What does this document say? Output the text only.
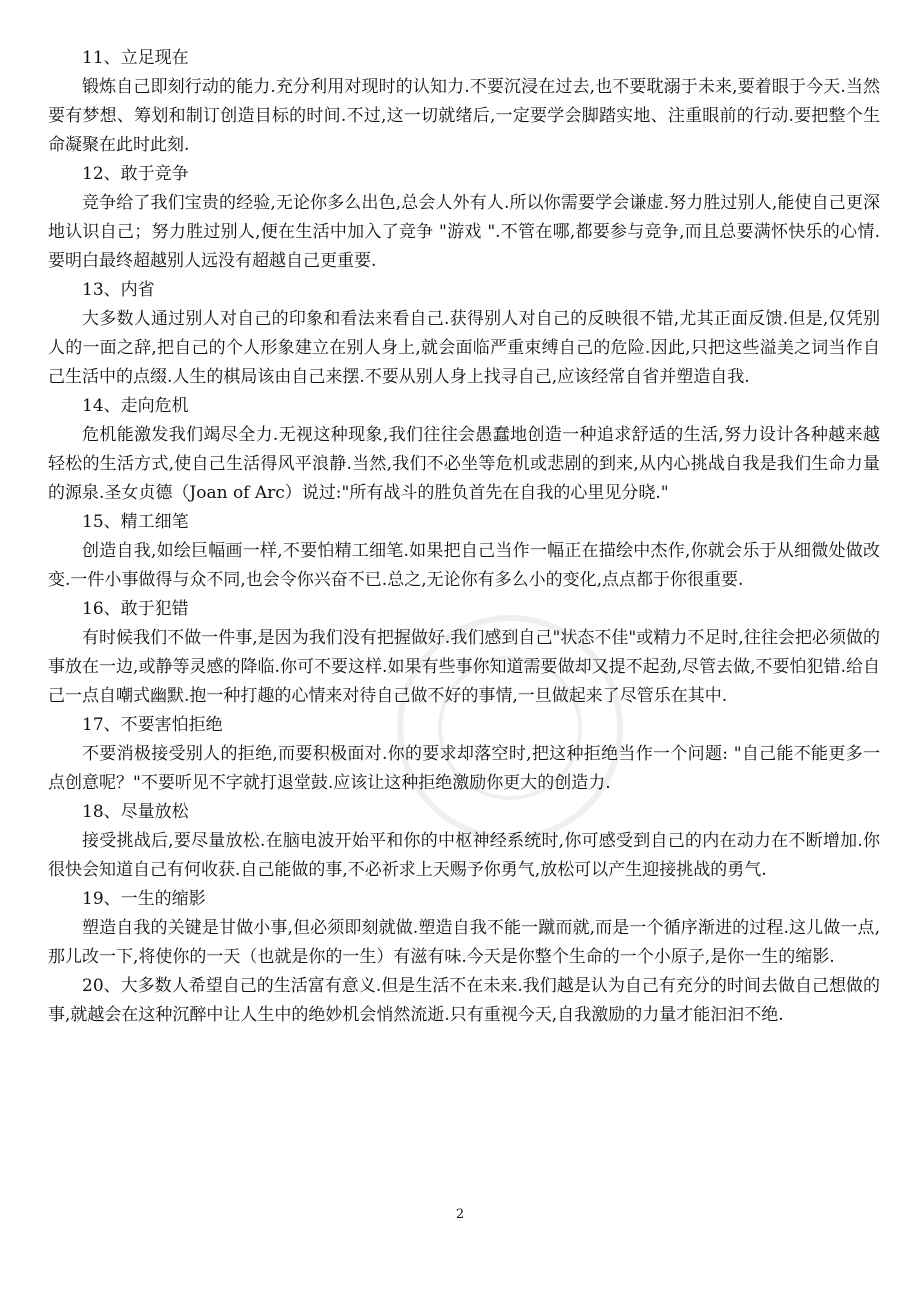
11、立足现在

锻炼自己即刻行动的能力.充分利用对现时的认知力.不要沉浸在过去,也不要耽溺于未来,要着眼于今天.当然要有梦想、筹划和制订创造目标的时间.不过,这一切就绪后,一定要学会脚踏实地、注重眼前的行动.要把整个生命凝聚在此时此刻.

12、敢于竞争

竞争给了我们宝贵的经验,无论你多么出色,总会人外有人.所以你需要学会谦虚.努力胜过别人,能使自己更深地认识自己；努力胜过别人,便在生活中加入了竞争 "游戏 ".不管在哪,都要参与竞争,而且总要满怀快乐的心情.要明白最终超越别人远没有超越自己更重要.

13、内省

大多数人通过别人对自己的印象和看法来看自己.获得别人对自己的反映很不错,尤其正面反馈.但是,仅凭别人的一面之辞,把自己的个人形象建立在别人身上,就会面临严重束缚自己的危险.因此,只把这些溢美之词当作自己生活中的点缀.人生的棋局该由自己来摆.不要从别人身上找寻自己,应该经常自省并塑造自我.

14、走向危机

危机能激发我们竭尽全力.无视这种现象,我们往往会愚蠢地创造一种追求舒适的生活,努力设计各种越来越轻松的生活方式,使自己生活得风平浪静.当然,我们不必坐等危机或悲剧的到来,从内心挑战自我是我们生命力量的源泉.圣女贞德（Joan of Arc）说过:"所有战斗的胜负首先在自我的心里见分晓."

15、精工细笔

创造自我,如绘巨幅画一样,不要怕精工细笔.如果把自己当作一幅正在描绘中杰作,你就会乐于从细微处做改变.一件小事做得与众不同,也会令你兴奋不已.总之,无论你有多么小的变化,点点都于你很重要.

16、敢于犯错

有时候我们不做一件事,是因为我们没有把握做好.我们感到自己"状态不佳"或精力不足时,往往会把必须做的事放在一边,或静等灵感的降临.你可不要这样.如果有些事你知道需要做却又提不起劲,尽管去做,不要怕犯错.给自己一点自嘲式幽默.抱一种打趣的心情来对待自己做不好的事情,一旦做起来了尽管乐在其中.

17、不要害怕拒绝

不要消极接受别人的拒绝,而要积极面对.你的要求却落空时,把这种拒绝当作一个问题: "自己能不能更多一点创意呢？"不要听见不字就打退堂鼓.应该让这种拒绝激励你更大的创造力.

18、尽量放松

接受挑战后,要尽量放松.在脑电波开始平和你的中枢神经系统时,你可感受到自己的内在动力在不断增加.你很快会知道自己有何收获.自己能做的事,不必祈求上天赐予你勇气,放松可以产生迎接挑战的勇气.

19、一生的缩影

塑造自我的关键是甘做小事,但必须即刻就做.塑造自我不能一蹴而就,而是一个循序渐进的过程.这儿做一点,那儿改一下,将使你的一天（也就是你的一生）有滋有味.今天是你整个生命的一个小原子,是你一生的缩影.

20、大多数人希望自己的生活富有意义.但是生活不在未来.我们越是认为自己有充分的时间去做自己想做的事,就越会在这种沉醉中让人生中的绝妙机会悄然流逝.只有重视今天,自我激励的力量才能汩汩不绝.

2
